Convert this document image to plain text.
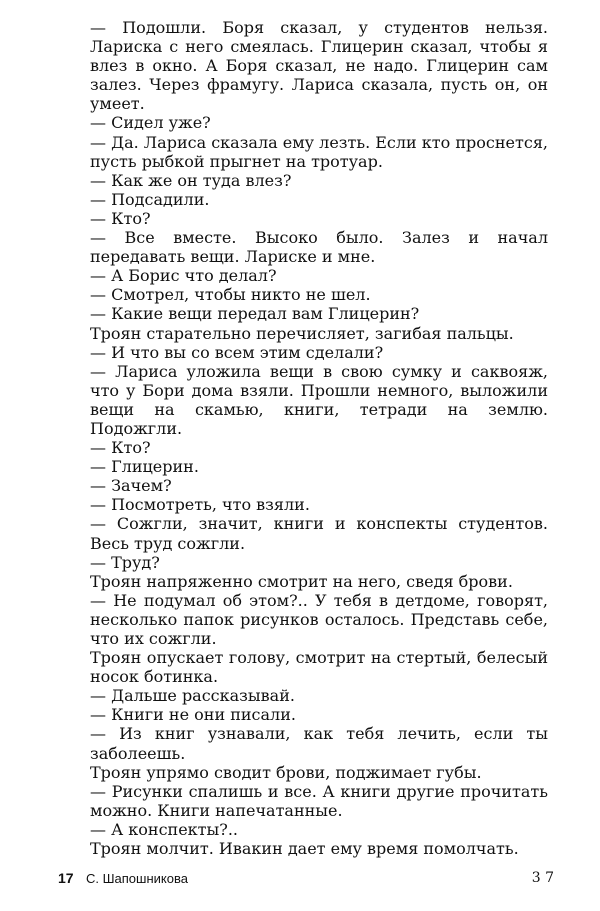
— Подошли. Боря сказал, у студентов нельзя. Лариска с него смеялась. Глицерин сказал, чтобы я влез в окно. А Боря сказал, не надо. Глицерин сам залез. Через фрамугу. Лариса сказала, пусть он, он умеет.

— Сидел уже?

— Да. Лариса сказала ему лезть. Если кто проснется, пусть рыбкой прыгнет на тротуар.

— Как же он туда влез?

— Подсадили.

— Кто?

— Все вместе. Высоко было. Залез и начал передавать вещи. Лариске и мне.

— А Борис что делал?

— Смотрел, чтобы никто не шел.

— Какие вещи передал вам Глицерин?

Троян старательно перечисляет, загибая пальцы.

— И что вы со всем этим сделали?

— Лариса уложила вещи в свою сумку и саквояж, что у Бори дома взяли. Прошли немного, выложили вещи на скамью, книги, тетради на землю. Подожгли.

— Кто?

— Глицерин.

— Зачем?

— Посмотреть, что взяли.

— Сожгли, значит, книги и конспекты студентов. Весь труд сожгли.

— Труд?

Троян напряженно смотрит на него, сведя брови.

— Не подумал об этом?.. У тебя в детдоме, говорят, несколько папок рисунков осталось. Представь себе, что их сожгли.

Троян опускает голову, смотрит на стертый, белесый носок ботинка.

— Дальше рассказывай.

— Книги не они писали.

— Из книг узнавали, как тебя лечить, если ты заболеешь.

Троян упрямо сводит брови, поджимает губы.

— Рисунки спалишь и все. А книги другие прочитать можно. Книги напечатанные.

— А конспекты?..

Троян молчит. Ивакин дает ему время помолчать.

17 С. Шапошникова	3 7
